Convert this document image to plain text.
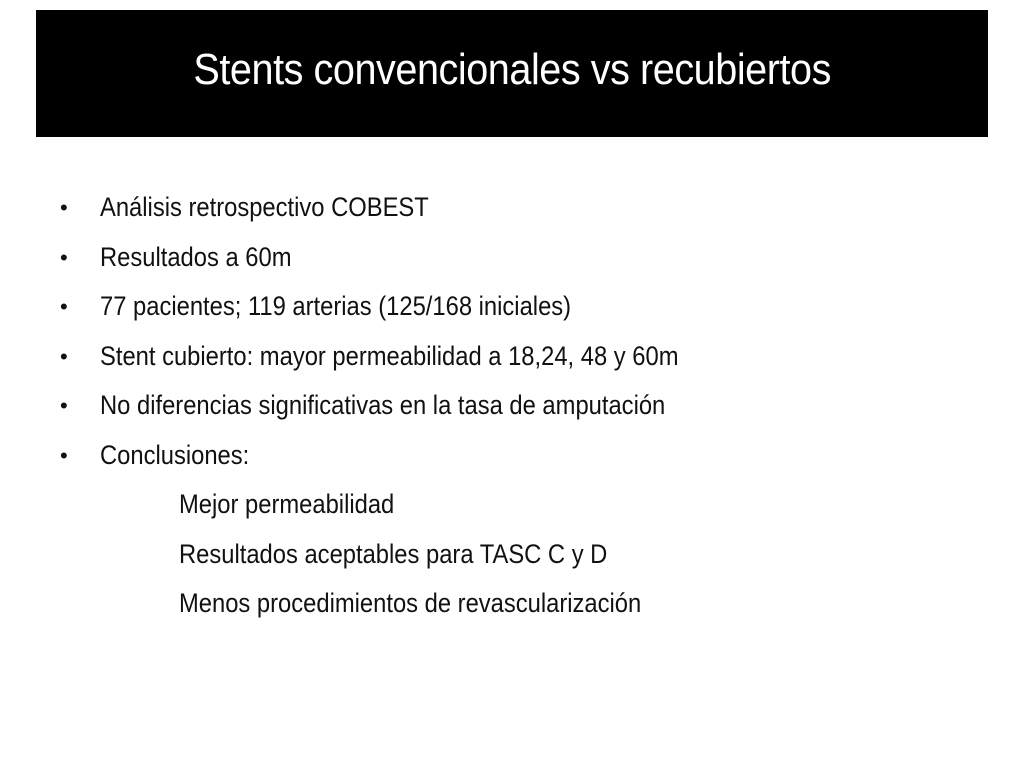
Stents convencionales vs recubiertos
• Análisis retrospectivo COBEST
• Resultados a 60m
• 77 pacientes; 119 arterias (125/168 iniciales)
• Stent cubierto: mayor permeabilidad a 18,24, 48 y 60m
• No diferencias significativas en la tasa de amputación
• Conclusiones:
Mejor permeabilidad
Resultados aceptables para TASC C y D
Menos procedimientos de revascularización
